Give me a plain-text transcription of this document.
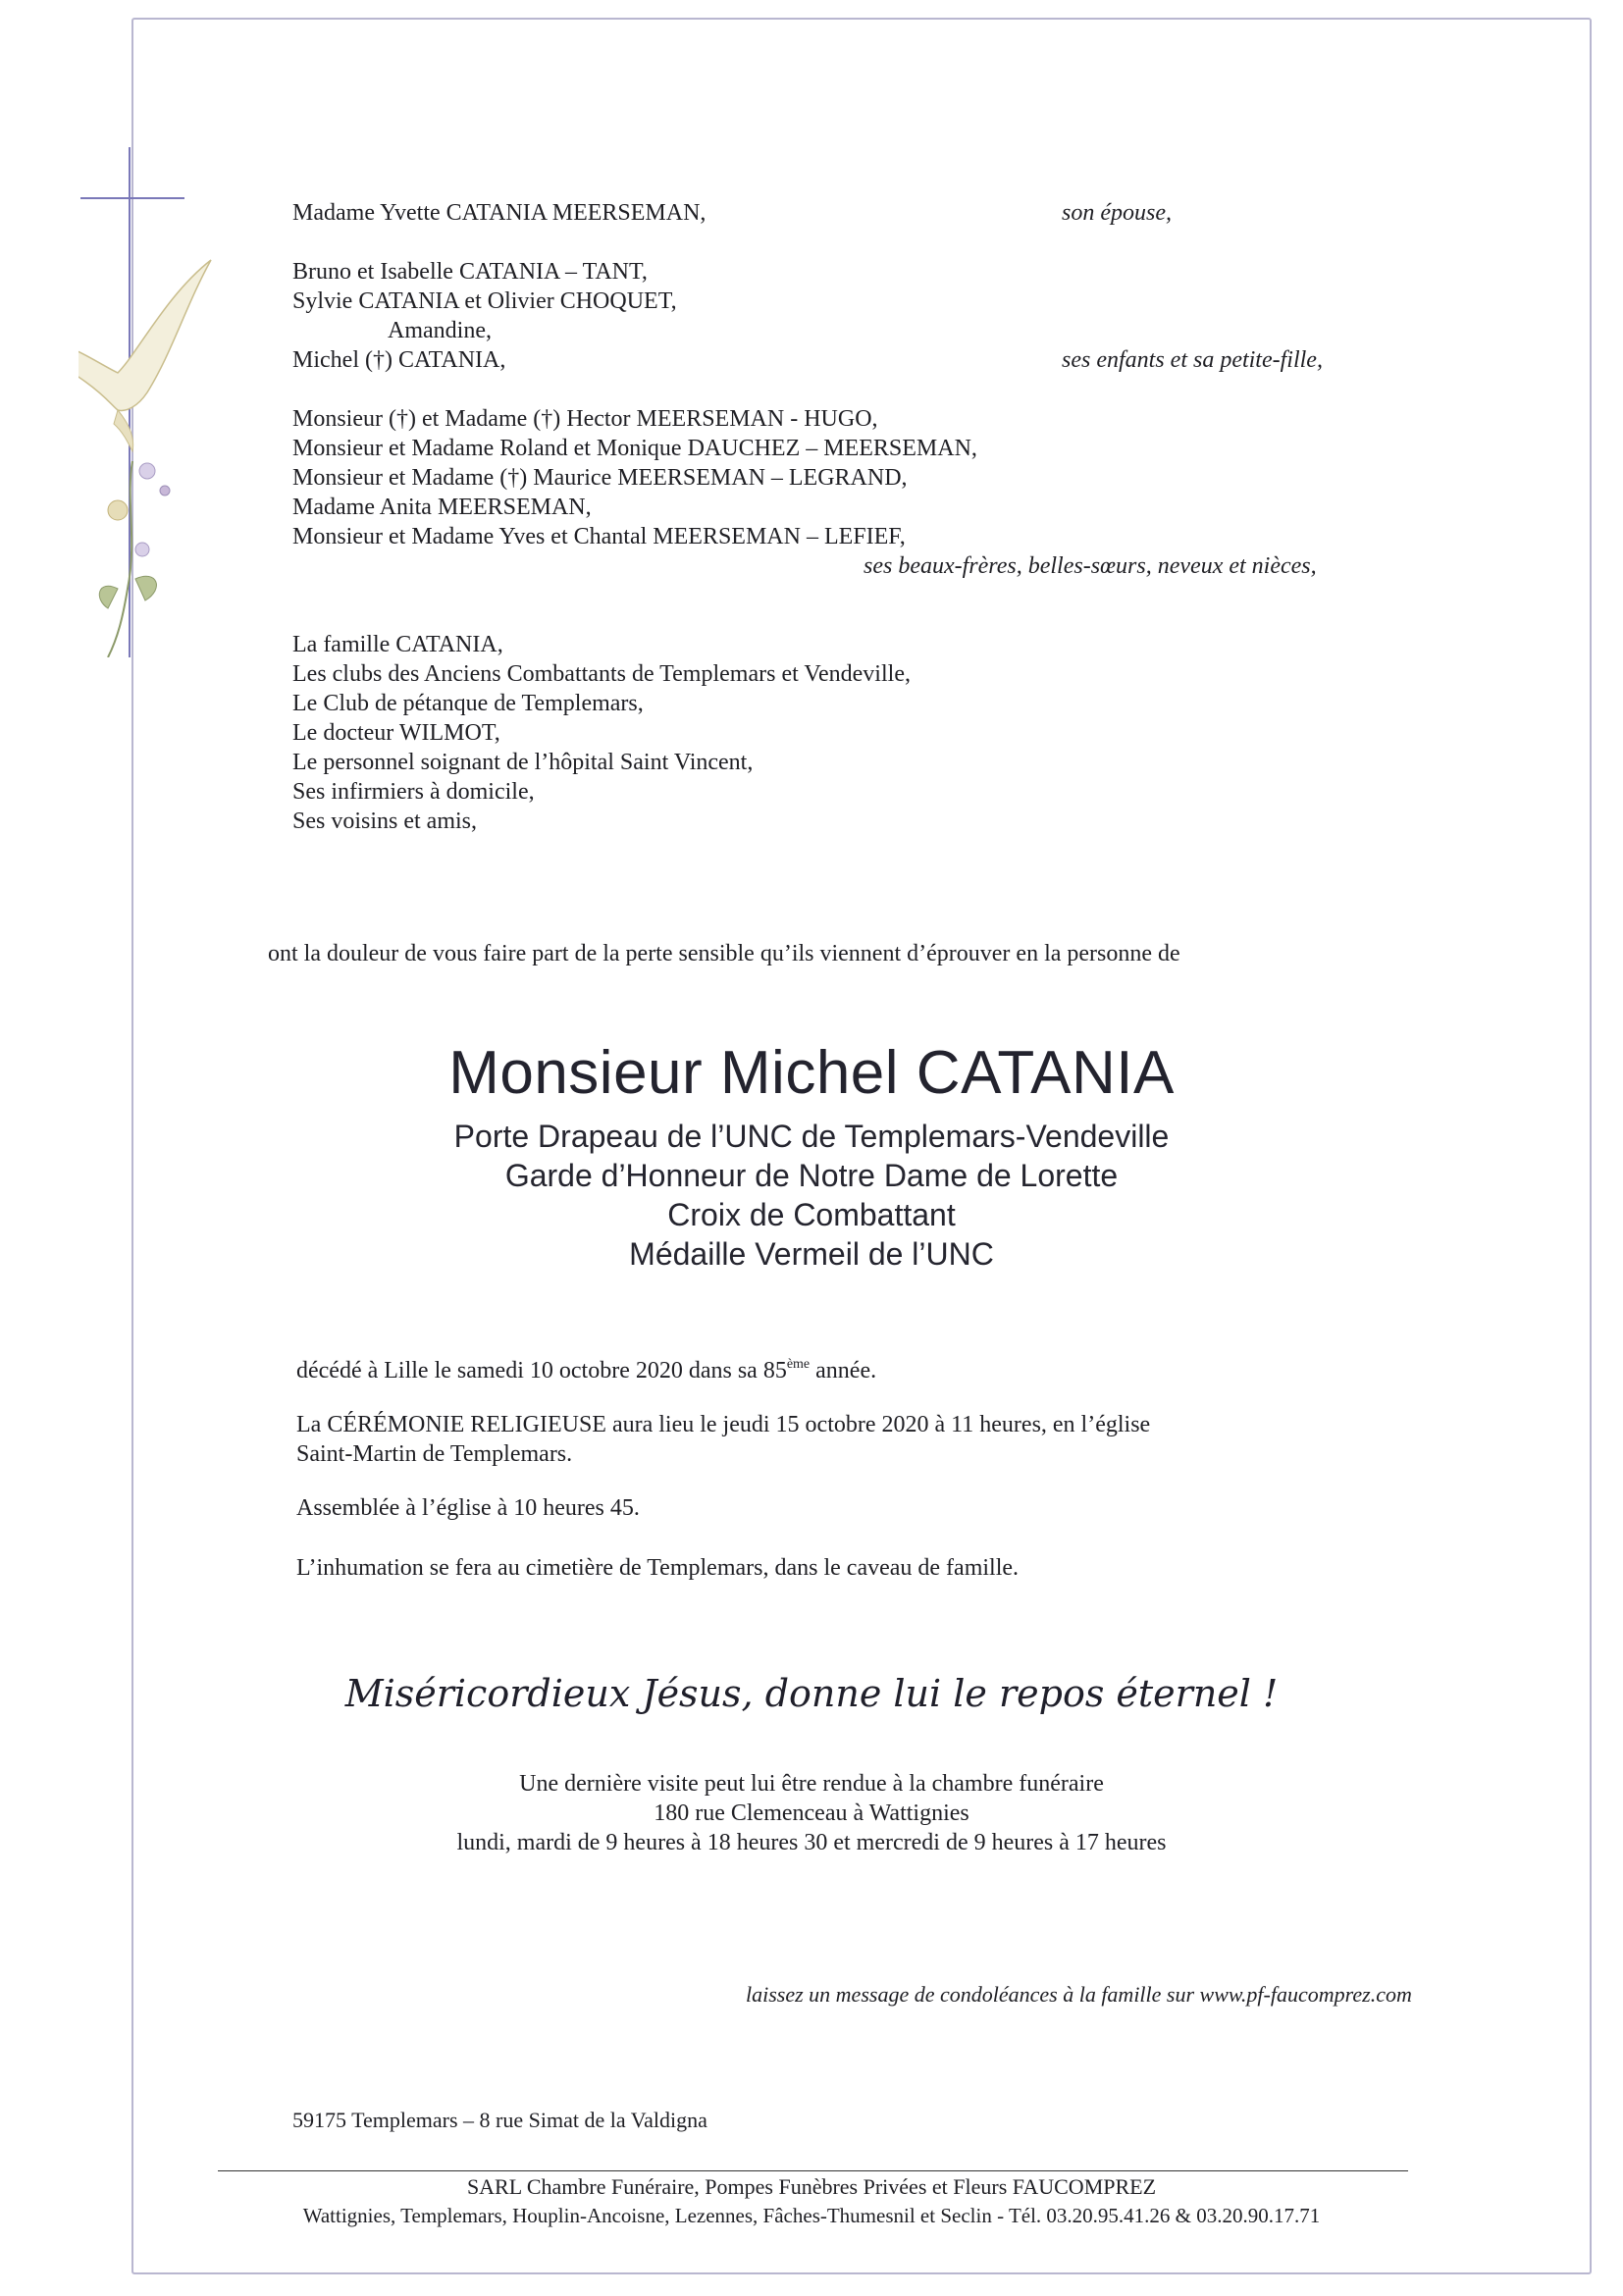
Madame Yvette CATANIA MEERSEMAN,	son épouse,
Bruno et Isabelle CATANIA – TANT,
Sylvie CATANIA et Olivier CHOQUET,
Amandine,
Michel (†) CATANIA,	ses enfants et sa petite-fille,
Monsieur (†) et Madame (†) Hector MEERSEMAN - HUGO,
Monsieur et Madame Roland et Monique DAUCHEZ – MEERSEMAN,
Monsieur et Madame (†) Maurice MEERSEMAN – LEGRAND,
Madame Anita MEERSEMAN,
Monsieur et Madame Yves et Chantal MEERSEMAN – LEFIEF,
ses beaux-frères, belles-sœurs, neveux et nièces,
La famille CATANIA,
Les clubs des Anciens Combattants de Templemars et Vendeville,
Le Club de pétanque de Templemars,
Le docteur WILMOT,
Le personnel soignant de l’hôpital Saint Vincent,
Ses infirmiers à domicile,
Ses voisins et amis,
ont la douleur de vous faire part de la perte sensible qu’ils viennent d’éprouver en la personne de
Monsieur Michel CATANIA
Porte Drapeau de l’UNC de Templemars-Vendeville
Garde d’Honneur de Notre Dame de Lorette
Croix de Combattant
Médaille Vermeil de l’UNC
décédé à Lille le samedi 10 octobre 2020 dans sa 85ème année.
La CÉRÉMONIE RELIGIEUSE aura lieu le jeudi 15 octobre 2020 à 11 heures, en l’église
Saint-Martin de Templemars.
Assemblée à l’église à 10 heures 45.
L’inhumation se fera au cimetière de Templemars, dans le caveau de famille.
Miséricordieux Jésus, donne lui le repos éternel !
Une dernière visite peut lui être rendue à la chambre funéraire
180 rue Clemenceau à Wattignies
lundi, mardi de 9 heures à 18 heures 30 et mercredi de 9 heures à 17 heures
laissez un message de condoléances à la famille sur www.pf-faucomprez.com
59175 Templemars – 8 rue Simat de la Valdigna
SARL Chambre Funéraire, Pompes Funèbres Privées et Fleurs FAUCOMPREZ
Wattignies, Templemars, Houplin-Ancoisne, Lezennes, Fâches-Thumesnil et Seclin - Tél. 03.20.95.41.26 & 03.20.90.17.71
